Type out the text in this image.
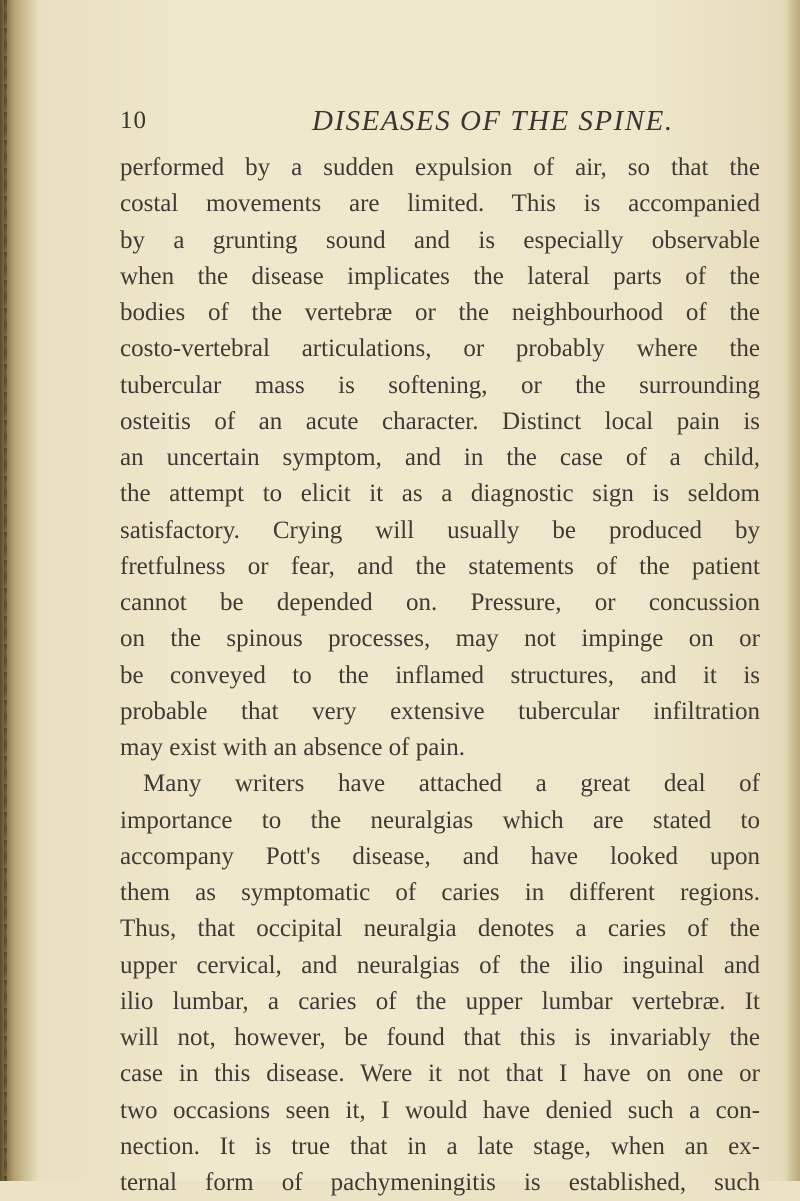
10	DISEASES OF THE SPINE.
performed by a sudden expulsion of air, so that the
costal movements are limited. This is accompanied
by a grunting sound and is especially observable
when the disease implicates the lateral parts of the
bodies of the vertebræ or the neighbourhood of the
costo-vertebral articulations, or probably where the
tubercular mass is softening, or the surrounding
osteitis of an acute character. Distinct local pain is
an uncertain symptom, and in the case of a child,
the attempt to elicit it as a diagnostic sign is seldom
satisfactory. Crying will usually be produced by
fretfulness or fear, and the statements of the patient
cannot be depended on. Pressure, or concussion
on the spinous processes, may not impinge on or
be conveyed to the inflamed structures, and it is
probable that very extensive tubercular infiltration
may exist with an absence of pain.
Many writers have attached a great deal of
importance to the neuralgias which are stated to
accompany Pott's disease, and have looked upon
them as symptomatic of caries in different regions.
Thus, that occipital neuralgia denotes a caries of the
upper cervical, and neuralgias of the ilio inguinal and
ilio lumbar, a caries of the upper lumbar vertebræ. It
will not, however, be found that this is invariably the
case in this disease. Were it not that I have on one or
two occasions seen it, I would have denied such a con-
nection. It is true that in a late stage, when an ex-
ternal form of pachymeningitis is established, such
